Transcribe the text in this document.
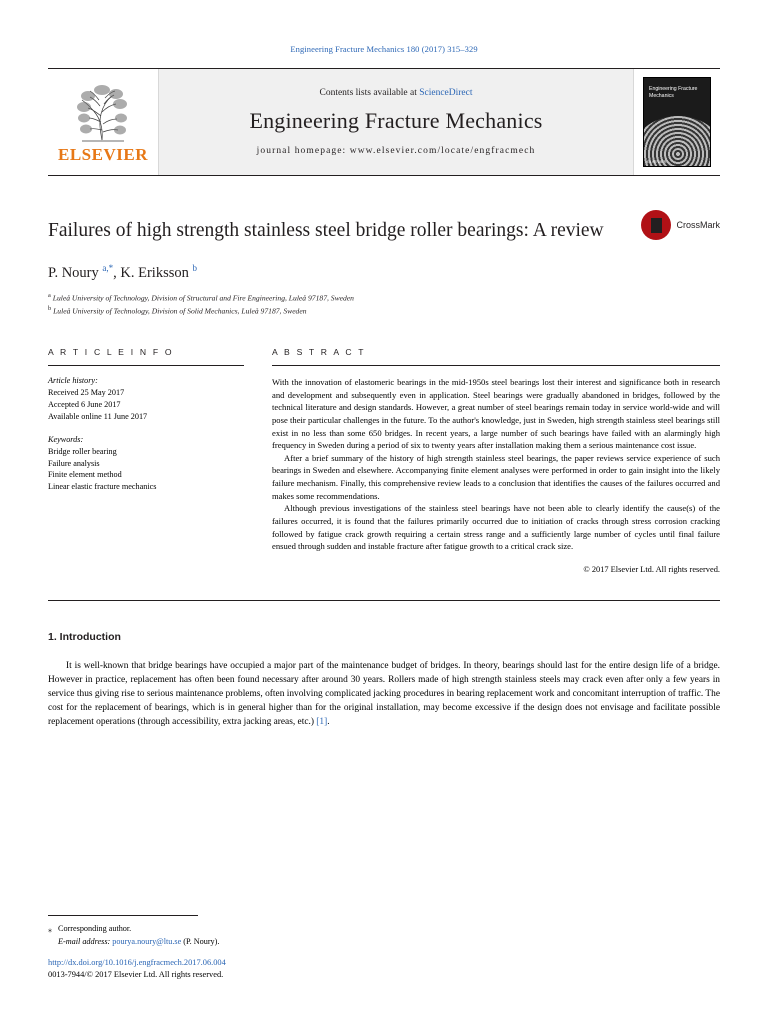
Engineering Fracture Mechanics 180 (2017) 315–329
ELSEVIER
Contents lists available at ScienceDirect
Engineering Fracture Mechanics
journal homepage: www.elsevier.com/locate/engfracmech
Engineering Fracture Mechanics
ELSEVIER
Failures of high strength stainless steel bridge roller bearings: A review	CrossMark
P. Noury $^{a,*}$, K. Eriksson $^b$
$^a$ Luleå University of Technology, Division of Structural and Fire Engineering, Luleå 97187, Sweden
$^b$ Luleå University of Technology, Division of Solid Mechanics, Luleå 97187, Sweden
A R T I C L E I N F O
Article history:
Received 25 May 2017
Accepted 6 June 2017
Available online 11 June 2017
Keywords:
Bridge roller bearing
Failure analysis
Finite element method
Linear elastic fracture mechanics
A B S T R A C T

With the innovation of elastomeric bearings in the mid-1950s steel bearings lost their interest and significance both in research and development and subsequently even in application. Steel bearings were gradually abandoned in bridges, followed by the technical literature and design standards. However, a great number of steel bearings remain today in service world-wide and will pose their particular challenges in the future. To the author's knowledge, just in Sweden, high strength stainless steel bearings still exist in no less than some 650 bridges. In recent years, a large number of such bearings have failed with an alarmingly high frequency in Sweden during a period of six to twenty years after installation making them a serious maintenance cost issue.

After a brief summary of the history of high strength stainless steel bearings, the paper reviews service experience of such bearings in Sweden and elsewhere. Accompanying finite element analyses were performed in order to gain insight into the likely failure mechanism. Finally, this comprehensive review leads to a conclusion that identifies the causes of the failures occurred and makes some recommendations.

Although previous investigations of the stainless steel bearings have not been able to clearly identify the cause(s) of the failures occurred, it is found that the failures primarily occurred due to initiation of cracks through stress corrosion cracking followed by fatigue crack growth requiring a certain stress range and a sufficiently large number of cycles until final failure ensued through sudden and instable fracture after fatigue growth to a critical crack size.

© 2017 Elsevier Ltd. All rights reserved.
1. Introduction

It is well-known that bridge bearings have occupied a major part of the maintenance budget of bridges. In theory, bearings should last for the entire design life of a bridge. However in practice, replacement has often been found necessary after around 30 years. Rollers made of high strength stainless steels may crack even after only a few years in service thus giving rise to serious maintenance problems, often involving complicated jacking procedures in bearing replacement work and concomitant interruption of traffic. The cost for the replacement of bearings, which is in general higher than for the original installation, may become excessive if the design does not envisage and facilitate possible replacement operations (through accessibility, extra jacking areas, etc.) [1].

⁎ Corresponding author.
E-mail address: pourya.noury@ltu.se (P. Noury).
http://dx.doi.org/10.1016/j.engfracmech.2017.06.004
0013-7944/© 2017 Elsevier Ltd. All rights reserved.
